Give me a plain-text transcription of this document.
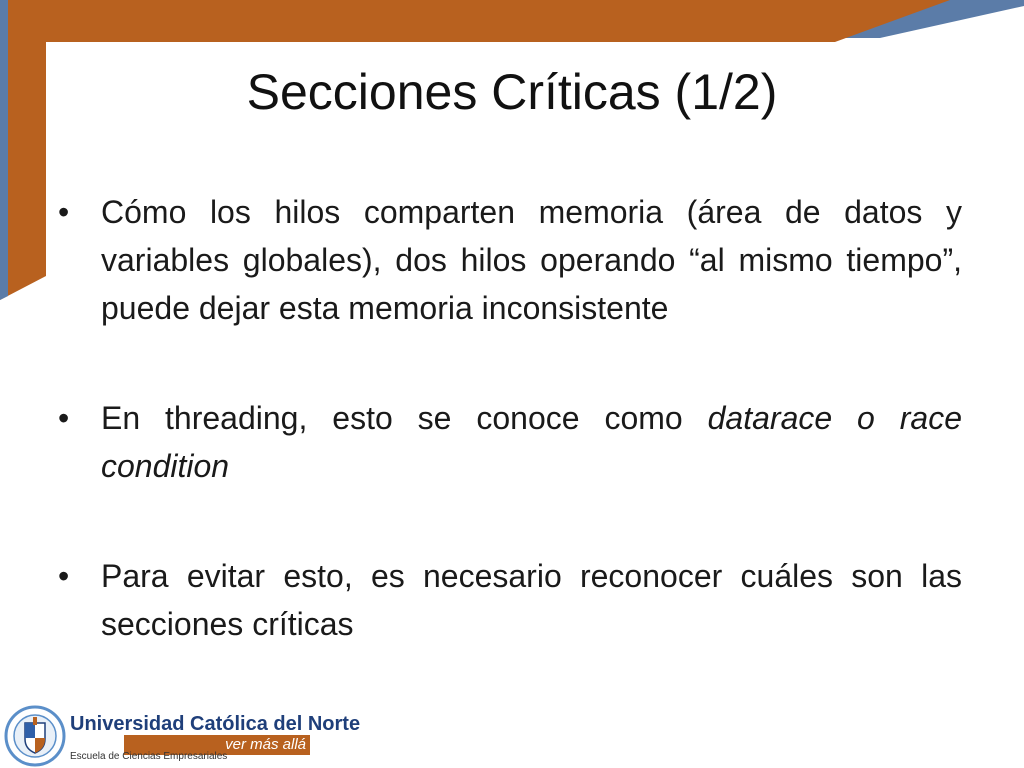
Secciones Críticas (1/2)
• Cómo los hilos comparten memoria (área de datos y variables globales), dos hilos operando “al mismo tiempo”, puede dejar esta memoria inconsistente
• En threading, esto se conoce como datarace o race condition
• Para evitar esto, es necesario reconocer cuáles son las secciones críticas
Universidad Católica del Norte
ver más allá
Escuela de Ciencias Empresariales
